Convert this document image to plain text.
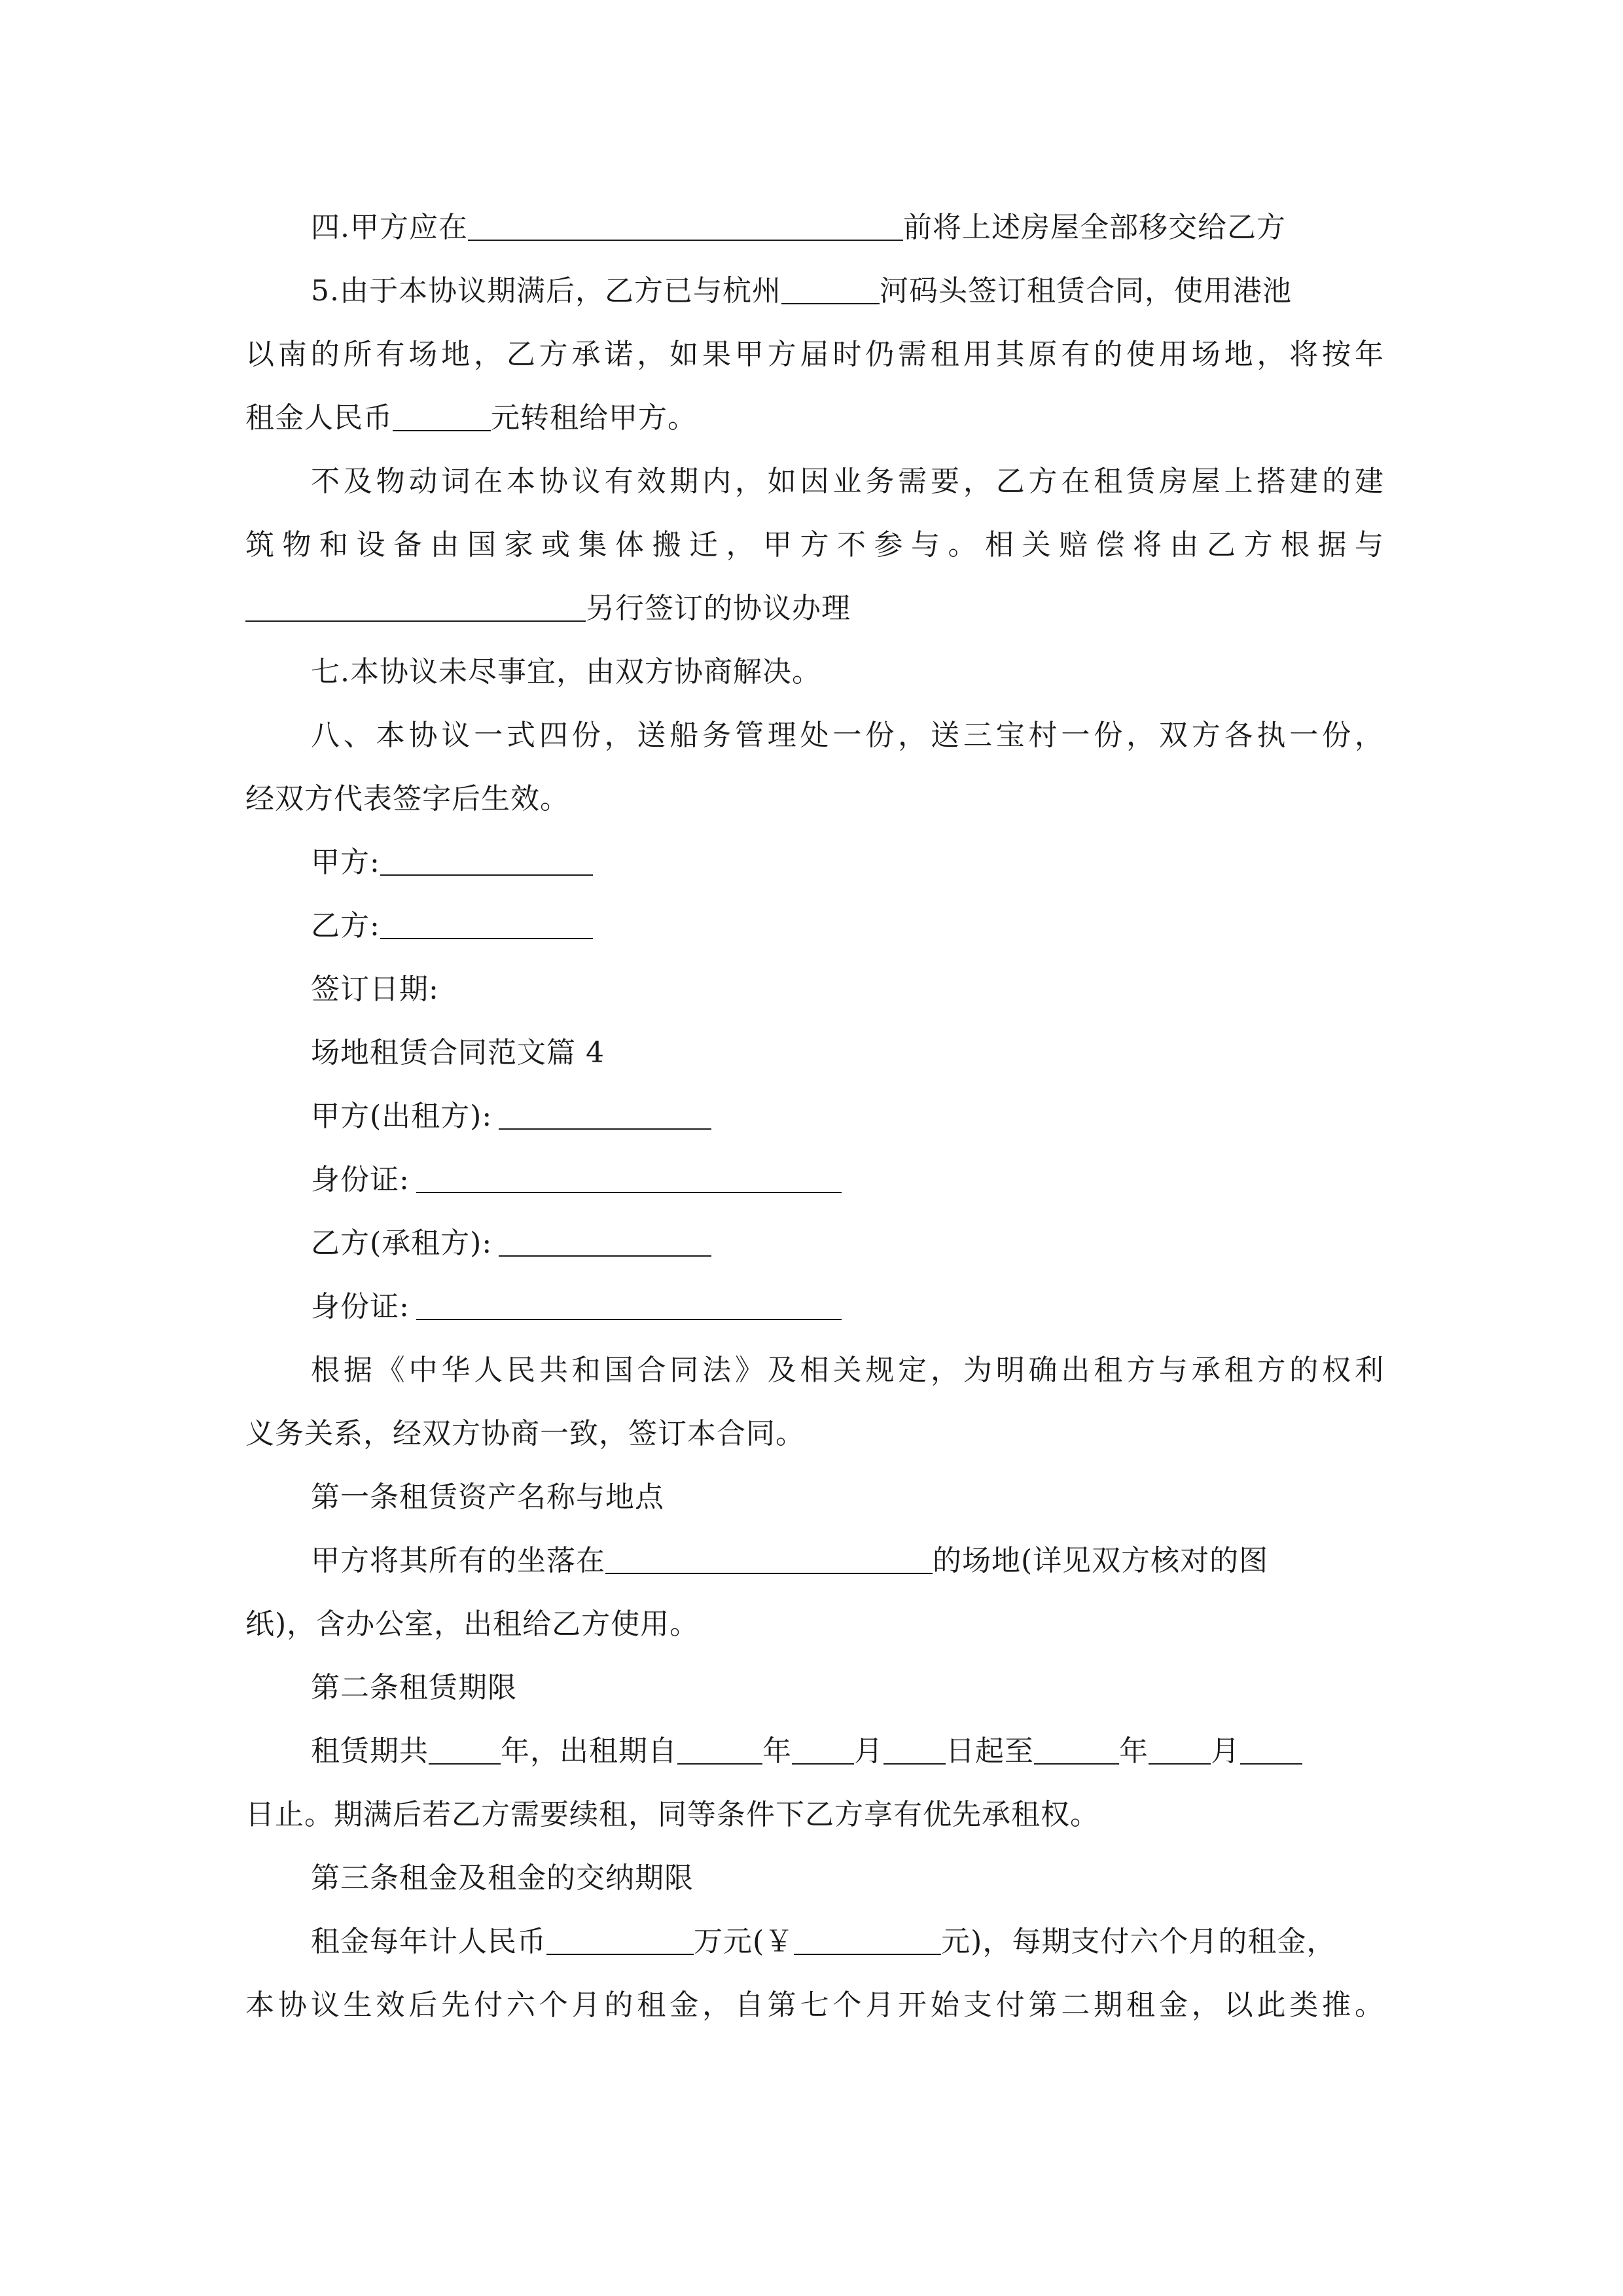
四.甲方应在	前将上述房屋全部移交给乙方
5.由于本协议期满后，乙方已与杭州	河码头签订租赁合同，使用港池
以南的所有场地，乙方承诺，如果甲方届时仍需租用其原有的使用场地，将按年
租金人民币	元转租给甲方。
不及物动词在本协议有效期内，如因业务需要，乙方在租赁房屋上搭建的建
筑物和设备由国家或集体搬迁，甲方不参与。相关赔偿将由乙方根据与
另行签订的协议办理
七.本协议未尽事宜，由双方协商解决。
八、本协议一式四份，送船务管理处一份，送三宝村一份，双方各执一份，
经双方代表签字后生效。
甲方:
乙方:
签订日期:
场地租赁合同范文篇 4
甲方(出租方):
身份证:
乙方(承租方):
身份证:
根据《中华人民共和国合同法》及相关规定，为明确出租方与承租方的权利
义务关系，经双方协商一致，签订本合同。
第一条租赁资产名称与地点
甲方将其所有的坐落在	的场地(详见双方核对的图
纸)，含办公室，出租给乙方使用。
第二条租赁期限
租赁期共	年，出租期自	年 月 日起至	年 月
日止。期满后若乙方需要续租，同等条件下乙方享有优先承租权。
第三条租金及租金的交纳期限
租金每年计人民币	万元(￥	元)，每期支付六个月的租金，
本协议生效后先付六个月的租金，自第七个月开始支付第二期租金，以此类推。
